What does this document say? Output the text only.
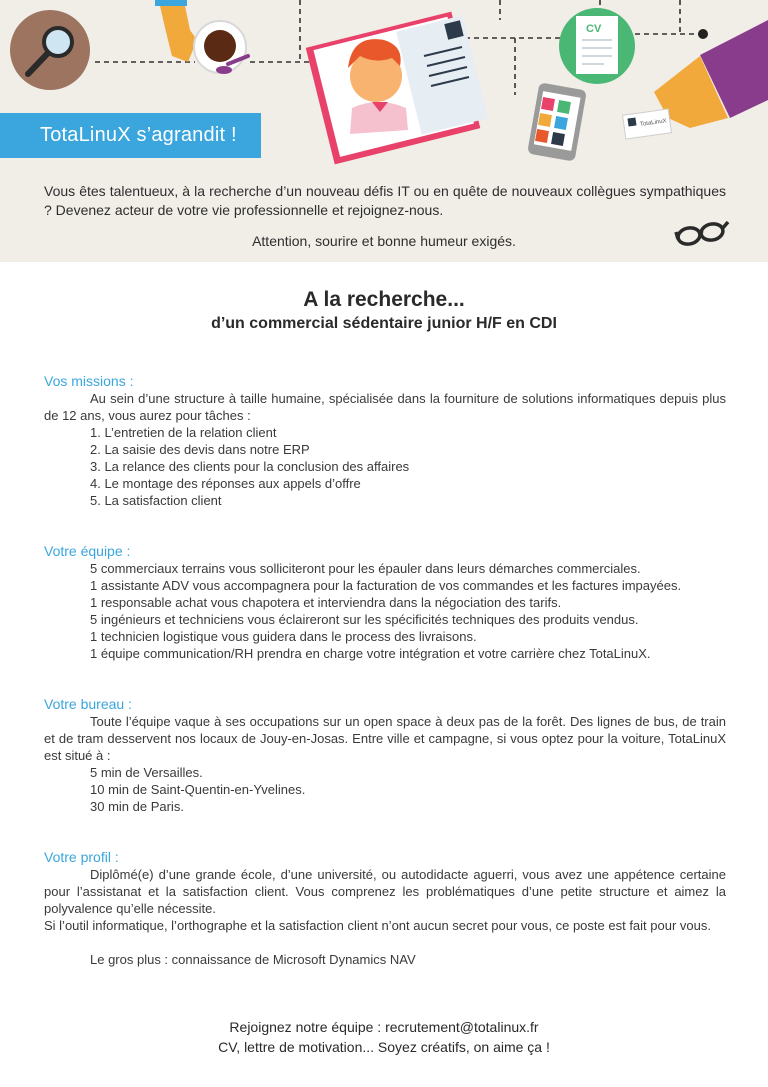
CV
TotaLinuX
TotaLinuX s’agrandit !

Vous êtes talentueux, à la recherche d’un nouveau défis IT ou en quête de nouveaux collègues sympathiques ? Devenez acteur de votre vie professionnelle et rejoignez-nous.

Attention, sourire et bonne humeur exigés.

A la recherche...
d’un commercial sédentaire junior H/F en CDI

Vos missions :

Au sein d’une structure à taille humaine, spécialisée dans la fourniture de solutions informatiques depuis plus de 12 ans, vous aurez pour tâches :

1. L’entretien de la relation client
2. La saisie des devis dans notre ERP
3. La relance des clients pour la conclusion des affaires
4. Le montage des réponses aux appels d’offre
5. La satisfaction client

Votre équipe :

5 commerciaux terrains vous solliciteront pour les épauler dans leurs démarches commerciales.
1 assistante ADV vous accompagnera pour la facturation de vos commandes et les factures impayées.
1 responsable achat vous chapotera et interviendra dans la négociation des tarifs.
5 ingénieurs et techniciens vous éclaireront sur les spécificités techniques des produits vendus.
1 technicien logistique vous guidera dans le process des livraisons.
1 équipe communication/RH prendra en charge votre intégration et votre carrière chez TotaLinuX.

Votre bureau :

Toute l’équipe vaque à ses occupations sur un open space à deux pas de la forêt. Des lignes de bus, de train et de tram desservent nos locaux de Jouy-en-Josas. Entre ville et campagne, si vous optez pour la voiture, TotaLinuX est situé à :

5 min de Versailles.
10 min de Saint-Quentin-en-Yvelines.
30 min de Paris.

Votre profil :

Diplômé(e) d’une grande école, d’une université, ou autodidacte aguerri, vous avez une appétence certaine pour l’assistanat et la satisfaction client. Vous comprenez les problématiques d’une petite structure et aimez la polyvalence qu’elle nécessite.

Si l’outil informatique, l’orthographe et la satisfaction client n’ont aucun secret pour vous, ce poste est fait pour vous.

Le gros plus : connaissance de Microsoft Dynamics NAV

Rejoignez notre équipe : recrutement@totalinux.fr

CV, lettre de motivation... Soyez créatifs, on aime ça !
